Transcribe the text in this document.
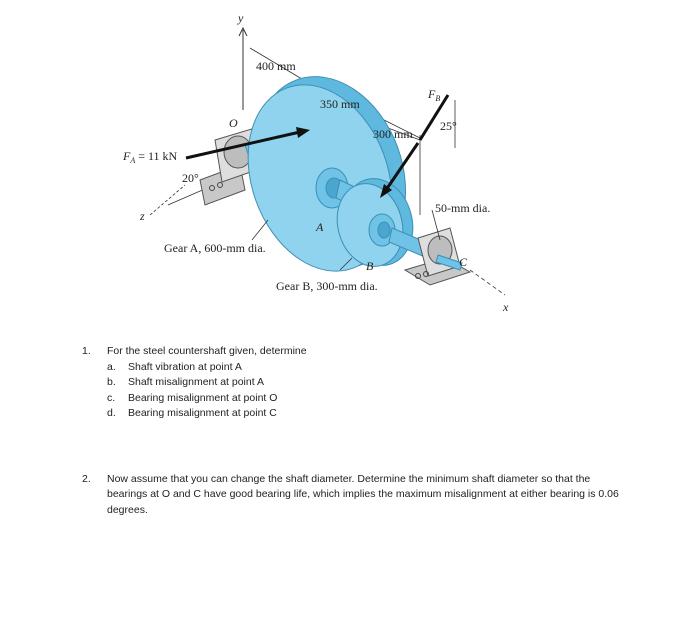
y
x
z
O
A
B	C
400 mm
350 mm
300 mm
$F_A = 11$ kN
$F_B$
20°
25°
50-mm dia.
Gear A, 600-mm dia.
Gear B, 300-mm dia.
1.	For the steel countershaft given, determine
a.	Shaft vibration at point A
b.	Shaft misalignment at point A
c.	Bearing misalignment at point O
d.	Bearing misalignment at point C
2.	Now assume that you can change the shaft diameter. Determine the minimum shaft diameter so that the bearings at O and C have good bearing life, which implies the maximum misalignment at either bearing is 0.06 degrees.
